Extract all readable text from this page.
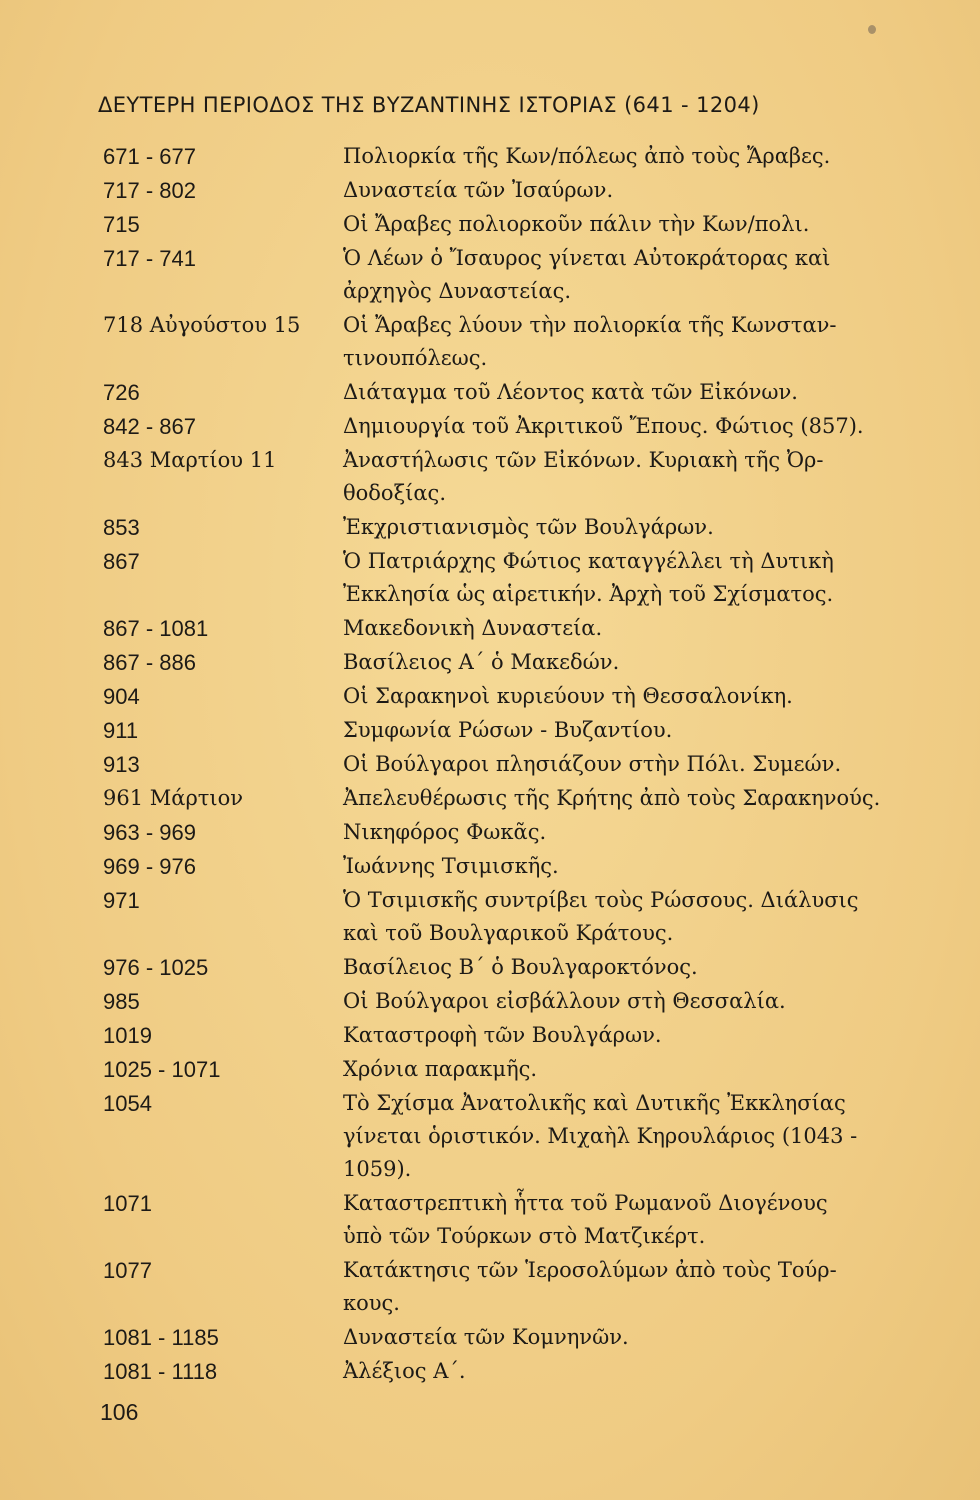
ΔΕΥΤΕΡΗ ΠΕΡΙΟΔΟΣ ΤΗΣ ΒΥΖΑΝΤΙΝΗΣ ΙΣΤΟΡΙΑΣ (641 - 1204)
671 - 677	Πολιορκία τῆς Κων/πόλεως ἀπὸ τοὺς Ἄραβες.
717 - 802	Δυναστεία τῶν Ἰσαύρων.
715	Οἱ Ἄραβες πολιορκοῦν πάλιν τὴν Κων/πολι.
717 - 741	Ὁ Λέων ὁ Ἴσαυρος γίνεται Αὐτοκράτορας καὶ
ἀρχηγὸς Δυναστείας.
718 Αὐγούστου 15	Οἱ Ἄραβες λύουν τὴν πολιορκία τῆς Κωνσταν-
τινουπόλεως.
726	Διάταγμα τοῦ Λέοντος κατὰ τῶν Εἰκόνων.
842 - 867	Δημιουργία τοῦ Ἀκριτικοῦ Ἔπους. Φώτιος (857).
843 Μαρτίου 11	Ἀναστήλωσις τῶν Εἰκόνων. Κυριακὴ τῆς Ὀρ-
θοδοξίας.
853	Ἐκχριστιανισμὸς τῶν Βουλγάρων.
867	Ὁ Πατριάρχης Φώτιος καταγγέλλει τὴ Δυτικὴ
Ἐκκλησία ὡς αἱρετικήν. Ἀρχὴ τοῦ Σχίσματος.
867 - 1081	Μακεδονικὴ Δυναστεία.
867 - 886	Βασίλειος Α΄ ὁ Μακεδών.
904	Οἱ Σαρακηνοὶ κυριεύουν τὴ Θεσσαλονίκη.
911	Συμφωνία Ρώσων - Βυζαντίου.
913	Οἱ Βούλγαροι πλησιάζουν στὴν Πόλι. Συμεών.
961 Μάρτιον	Ἀπελευθέρωσις τῆς Κρήτης ἀπὸ τοὺς Σαρακηνούς.
963 - 969	Νικηφόρος Φωκᾶς.
969 - 976	Ἰωάννης Τσιμισκῆς.
971	Ὁ Τσιμισκῆς συντρίβει τοὺς Ρώσσους. Διάλυσις
καὶ τοῦ Βουλγαρικοῦ Κράτους.
976 - 1025	Βασίλειος Β΄ ὁ Βουλγαροκτόνος.
985	Οἱ Βούλγαροι εἰσβάλλουν στὴ Θεσσαλία.
1019	Καταστροφὴ τῶν Βουλγάρων.
1025 - 1071	Χρόνια παρακμῆς.
1054	Τὸ Σχίσμα Ἀνατολικῆς καὶ Δυτικῆς Ἐκκλησίας
γίνεται ὁριστικόν. Μιχαὴλ Κηρουλάριος (1043 -
1059).
1071	Καταστρεπτικὴ ἧττα τοῦ Ρωμανοῦ Διογένους
ὑπὸ τῶν Τούρκων στὸ Ματζικέρτ.
1077	Κατάκτησις τῶν Ἱεροσολύμων ἀπὸ τοὺς Τούρ-
κους.
1081 - 1185	Δυναστεία τῶν Κομνηνῶν.
1081 - 1118	Ἀλέξιος Α΄.
106
